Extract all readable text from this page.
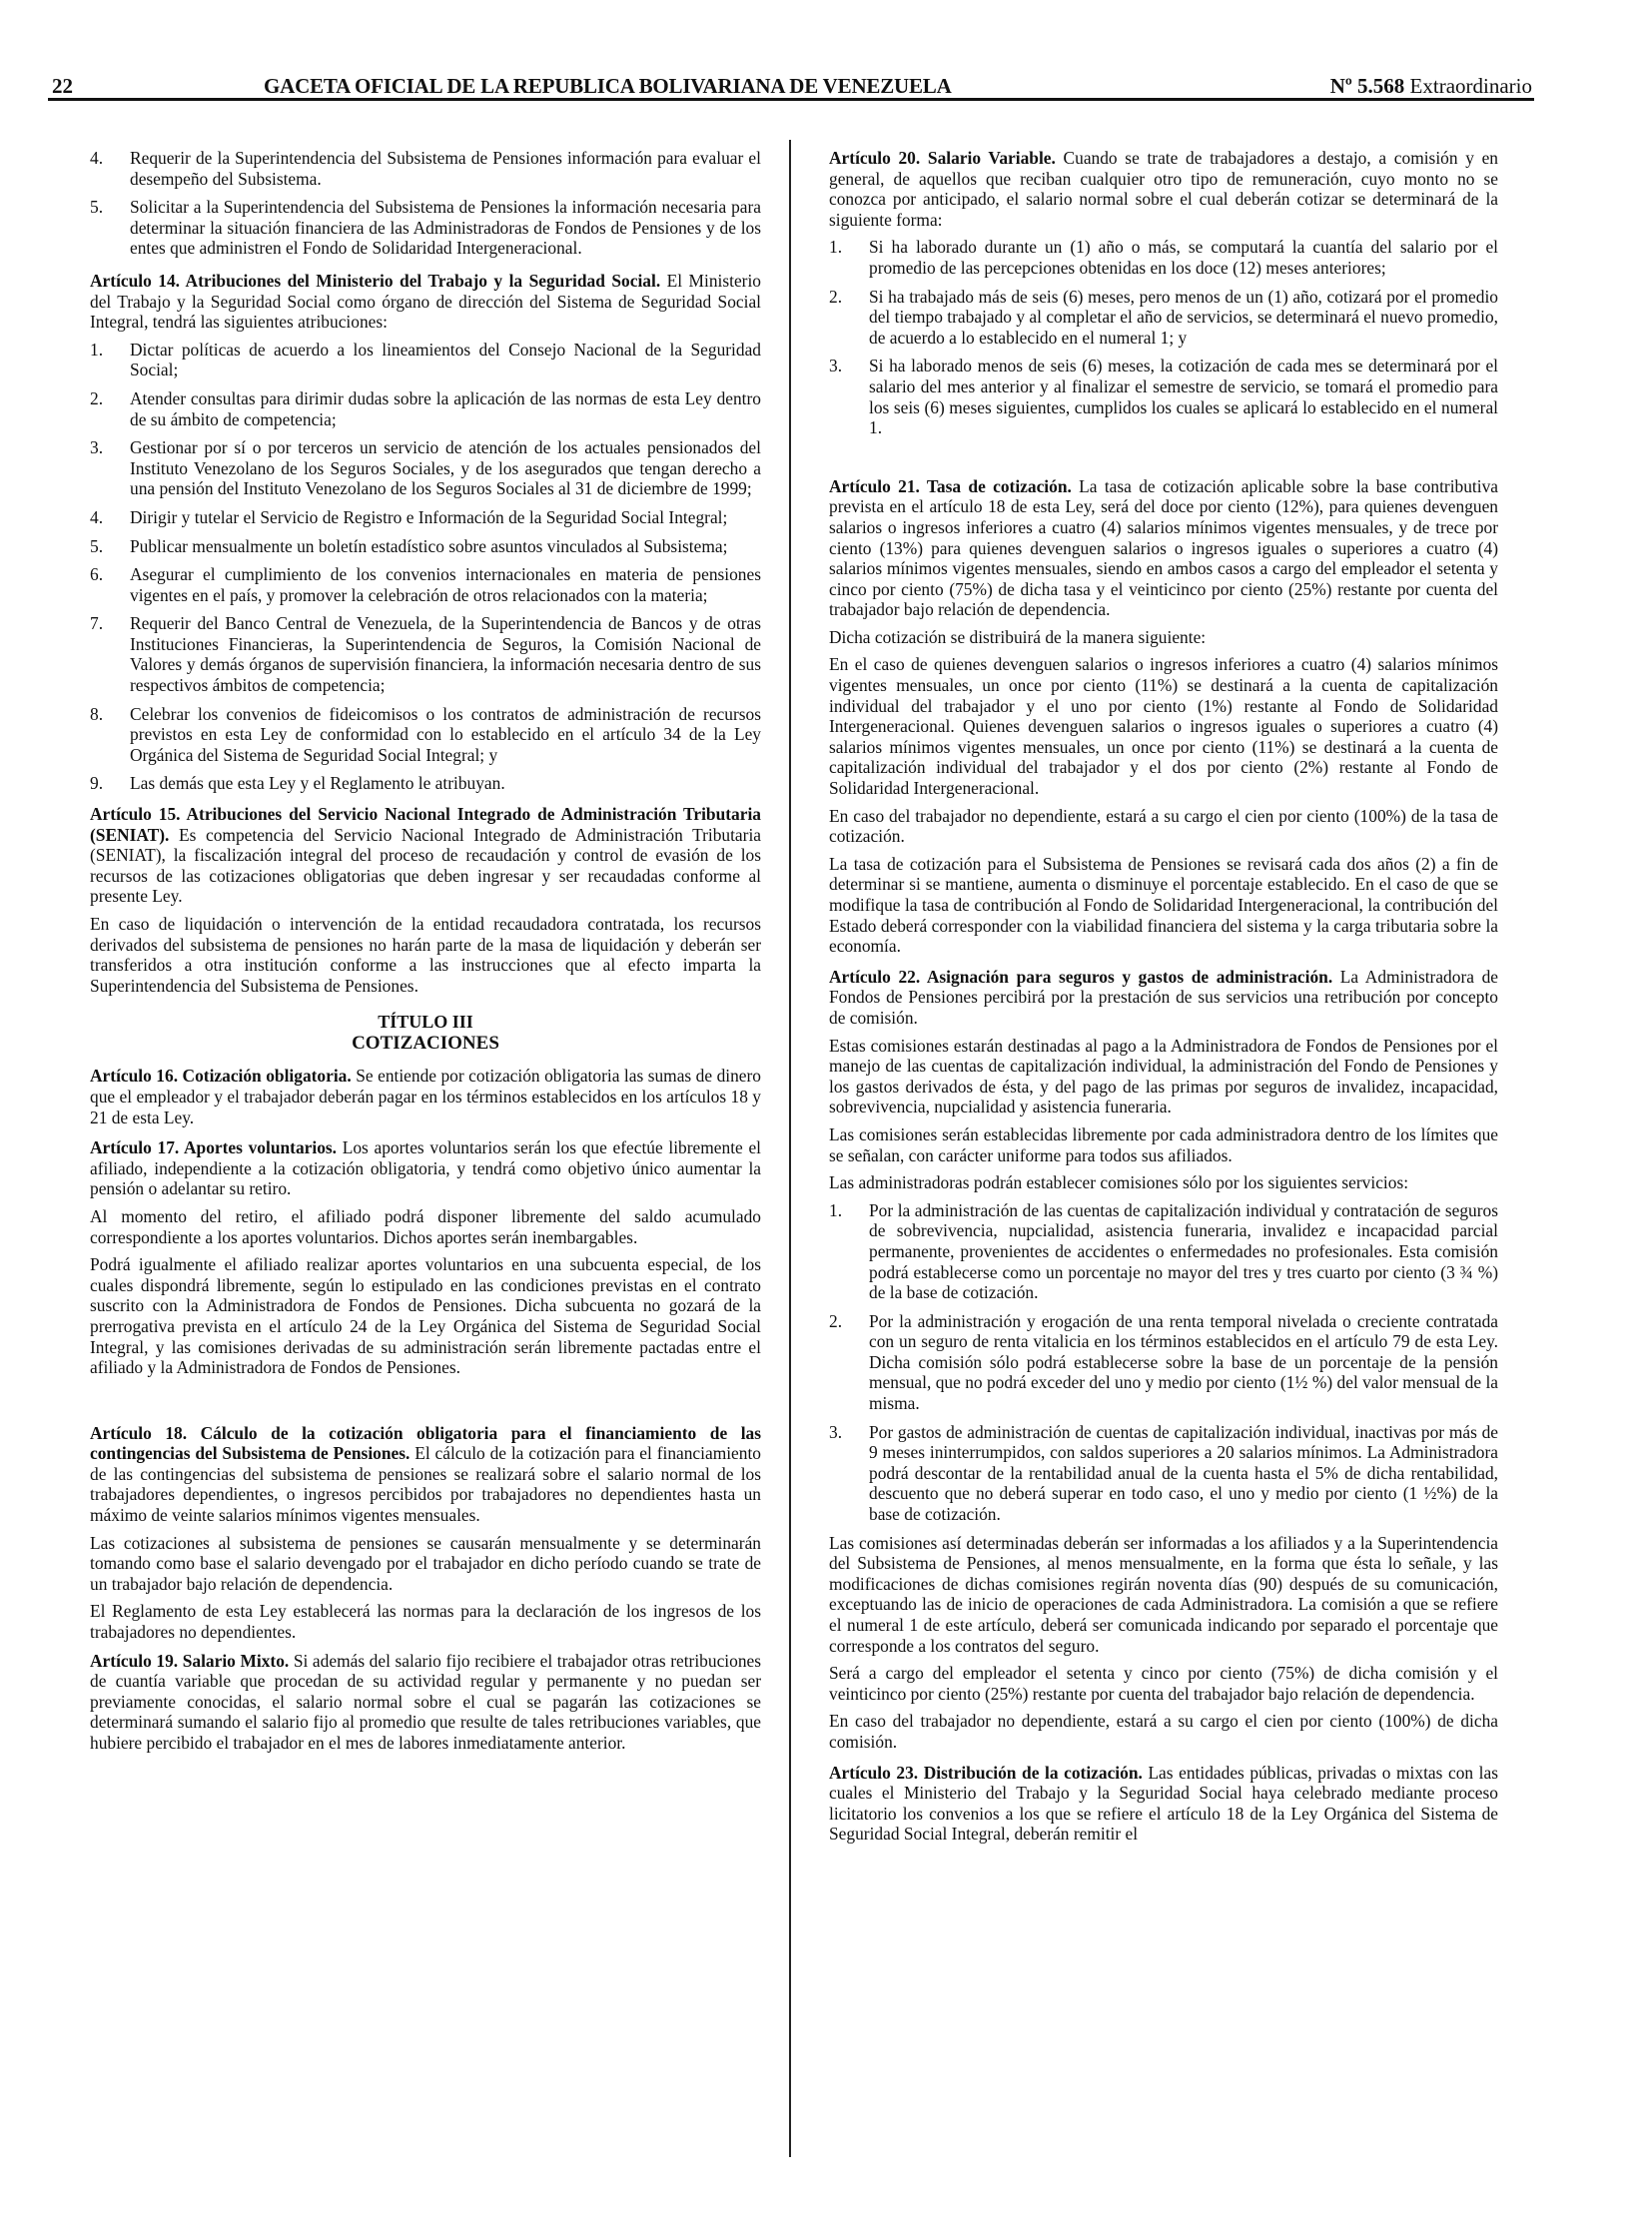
22	GACETA OFICIAL DE LA REPUBLICA BOLIVARIANA DE VENEZUELA	Nº 5.568 Extraordinario
4. Requerir de la Superintendencia del Subsistema de Pensiones información para evaluar el desempeño del Subsistema.
5. Solicitar a la Superintendencia del Subsistema de Pensiones la información necesaria para determinar la situación financiera de las Administradoras de Fondos de Pensiones y de los entes que administren el Fondo de Solidaridad Intergeneracional.

Artículo 14. Atribuciones del Ministerio del Trabajo y la Seguridad Social. El Ministerio del Trabajo y la Seguridad Social como órgano de dirección del Sistema de Seguridad Social Integral, tendrá las siguientes atribuciones:

1. Dictar políticas de acuerdo a los lineamientos del Consejo Nacional de la Seguridad Social;
2. Atender consultas para dirimir dudas sobre la aplicación de las normas de esta Ley dentro de su ámbito de competencia;
3. Gestionar por sí o por terceros un servicio de atención de los actuales pensionados del Instituto Venezolano de los Seguros Sociales, y de los asegurados que tengan derecho a una pensión del Instituto Venezolano de los Seguros Sociales al 31 de diciembre de 1999;
4. Dirigir y tutelar el Servicio de Registro e Información de la Seguridad Social Integral;
5. Publicar mensualmente un boletín estadístico sobre asuntos vinculados al Subsistema;
6. Asegurar el cumplimiento de los convenios internacionales en materia de pensiones vigentes en el país, y promover la celebración de otros relacionados con la materia;
7. Requerir del Banco Central de Venezuela, de la Superintendencia de Bancos y de otras Instituciones Financieras, la Superintendencia de Seguros, la Comisión Nacional de Valores y demás órganos de supervisión financiera, la información necesaria dentro de sus respectivos ámbitos de competencia;
8. Celebrar los convenios de fideicomisos o los contratos de administración de recursos previstos en esta Ley de conformidad con lo establecido en el artículo 34 de la Ley Orgánica del Sistema de Seguridad Social Integral; y
9. Las demás que esta Ley y el Reglamento le atribuyan.

Artículo 15. Atribuciones del Servicio Nacional Integrado de Administración Tributaria (SENIAT). Es competencia del Servicio Nacional Integrado de Administración Tributaria (SENIAT), la fiscalización integral del proceso de recaudación y control de evasión de los recursos de las cotizaciones obligatorias que deben ingresar y ser recaudadas conforme al presente Ley.

En caso de liquidación o intervención de la entidad recaudadora contratada, los recursos derivados del subsistema de pensiones no harán parte de la masa de liquidación y deberán ser transferidos a otra institución conforme a las instrucciones que al efecto imparta la Superintendencia del Subsistema de Pensiones.

TÍTULO III
COTIZACIONES

Artículo 16. Cotización obligatoria. Se entiende por cotización obligatoria las sumas de dinero que el empleador y el trabajador deberán pagar en los términos establecidos en los artículos 18 y 21 de esta Ley.

Artículo 17. Aportes voluntarios. Los aportes voluntarios serán los que efectúe libremente el afiliado, independiente a la cotización obligatoria, y tendrá como objetivo único aumentar la pensión o adelantar su retiro.

Al momento del retiro, el afiliado podrá disponer libremente del saldo acumulado correspondiente a los aportes voluntarios. Dichos aportes serán inembargables.

Podrá igualmente el afiliado realizar aportes voluntarios en una subcuenta especial, de los cuales dispondrá libremente, según lo estipulado en las condiciones previstas en el contrato suscrito con la Administradora de Fondos de Pensiones. Dicha subcuenta no gozará de la prerrogativa prevista en el artículo 24 de la Ley Orgánica del Sistema de Seguridad Social Integral, y las comisiones derivadas de su administración serán libremente pactadas entre el afiliado y la Administradora de Fondos de Pensiones.

Artículo 18. Cálculo de la cotización obligatoria para el financiamiento de las contingencias del Subsistema de Pensiones. El cálculo de la cotización para el financiamiento de las contingencias del subsistema de pensiones se realizará sobre el salario normal de los trabajadores dependientes, o ingresos percibidos por trabajadores no dependientes hasta un máximo de veinte salarios mínimos vigentes mensuales.

Las cotizaciones al subsistema de pensiones se causarán mensualmente y se determinarán tomando como base el salario devengado por el trabajador en dicho período cuando se trate de un trabajador bajo relación de dependencia.

El Reglamento de esta Ley establecerá las normas para la declaración de los ingresos de los trabajadores no dependientes.

Artículo 19. Salario Mixto. Si además del salario fijo recibiere el trabajador otras retribuciones de cuantía variable que procedan de su actividad regular y permanente y no puedan ser previamente conocidas, el salario normal sobre el cual se pagarán las cotizaciones se determinará sumando el salario fijo al promedio que resulte de tales retribuciones variables, que hubiere percibido el trabajador en el mes de labores inmediatamente anterior.

Artículo 20. Salario Variable. Cuando se trate de trabajadores a destajo, a comisión y en general, de aquellos que reciban cualquier otro tipo de remuneración, cuyo monto no se conozca por anticipado, el salario normal sobre el cual deberán cotizar se determinará de la siguiente forma:

1. Si ha laborado durante un (1) año o más, se computará la cuantía del salario por el promedio de las percepciones obtenidas en los doce (12) meses anteriores;
2. Si ha trabajado más de seis (6) meses, pero menos de un (1) año, cotizará por el promedio del tiempo trabajado y al completar el año de servicios, se determinará el nuevo promedio, de acuerdo a lo establecido en el numeral 1; y
3. Si ha laborado menos de seis (6) meses, la cotización de cada mes se determinará por el salario del mes anterior y al finalizar el semestre de servicio, se tomará el promedio para los seis (6) meses siguientes, cumplidos los cuales se aplicará lo establecido en el numeral 1.

Artículo 21. Tasa de cotización. La tasa de cotización aplicable sobre la base contributiva prevista en el artículo 18 de esta Ley, será del doce por ciento (12%), para quienes devenguen salarios o ingresos inferiores a cuatro (4) salarios mínimos vigentes mensuales, y de trece por ciento (13%) para quienes devenguen salarios o ingresos iguales o superiores a cuatro (4) salarios mínimos vigentes mensuales, siendo en ambos casos a cargo del empleador el setenta y cinco por ciento (75%) de dicha tasa y el veinticinco por ciento (25%) restante por cuenta del trabajador bajo relación de dependencia.

Dicha cotización se distribuirá de la manera siguiente:

En el caso de quienes devenguen salarios o ingresos inferiores a cuatro (4) salarios mínimos vigentes mensuales, un once por ciento (11%) se destinará a la cuenta de capitalización individual del trabajador y el uno por ciento (1%) restante al Fondo de Solidaridad Intergeneracional. Quienes devenguen salarios o ingresos iguales o superiores a cuatro (4) salarios mínimos vigentes mensuales, un once por ciento (11%) se destinará a la cuenta de capitalización individual del trabajador y el dos por ciento (2%) restante al Fondo de Solidaridad Intergeneracional.

En caso del trabajador no dependiente, estará a su cargo el cien por ciento (100%) de la tasa de cotización.

La tasa de cotización para el Subsistema de Pensiones se revisará cada dos años (2) a fin de determinar si se mantiene, aumenta o disminuye el porcentaje establecido. En el caso de que se modifique la tasa de contribución al Fondo de Solidaridad Intergeneracional, la contribución del Estado deberá corresponder con la viabilidad financiera del sistema y la carga tributaria sobre la economía.

Artículo 22. Asignación para seguros y gastos de administración. La Administradora de Fondos de Pensiones percibirá por la prestación de sus servicios una retribución por concepto de comisión.

Estas comisiones estarán destinadas al pago a la Administradora de Fondos de Pensiones por el manejo de las cuentas de capitalización individual, la administración del Fondo de Pensiones y los gastos derivados de ésta, y del pago de las primas por seguros de invalidez, incapacidad, sobrevivencia, nupcialidad y asistencia funeraria.

Las comisiones serán establecidas libremente por cada administradora dentro de los límites que se señalan, con carácter uniforme para todos sus afiliados.

Las administradoras podrán establecer comisiones sólo por los siguientes servicios:

1. Por la administración de las cuentas de capitalización individual y contratación de seguros de sobrevivencia, nupcialidad, asistencia funeraria, invalidez e incapacidad parcial permanente, provenientes de accidentes o enfermedades no profesionales. Esta comisión podrá establecerse como un porcentaje no mayor del tres y tres cuarto por ciento (3 ¾ %) de la base de cotización.
2. Por la administración y erogación de una renta temporal nivelada o creciente contratada con un seguro de renta vitalicia en los términos establecidos en el artículo 79 de esta Ley. Dicha comisión sólo podrá establecerse sobre la base de un porcentaje de la pensión mensual, que no podrá exceder del uno y medio por ciento (1½ %) del valor mensual de la misma.
3. Por gastos de administración de cuentas de capitalización individual, inactivas por más de 9 meses ininterrumpidos, con saldos superiores a 20 salarios mínimos. La Administradora podrá descontar de la rentabilidad anual de la cuenta hasta el 5% de dicha rentabilidad, descuento que no deberá superar en todo caso, el uno y medio por ciento (1 ½%) de la base de cotización.

Las comisiones así determinadas deberán ser informadas a los afiliados y a la Superintendencia del Subsistema de Pensiones, al menos mensualmente, en la forma que ésta lo señale, y las modificaciones de dichas comisiones regirán noventa días (90) después de su comunicación, exceptuando las de inicio de operaciones de cada Administradora. La comisión a que se refiere el numeral 1 de este artículo, deberá ser comunicada indicando por separado el porcentaje que corresponde a los contratos del seguro.

Será a cargo del empleador el setenta y cinco por ciento (75%) de dicha comisión y el veinticinco por ciento (25%) restante por cuenta del trabajador bajo relación de dependencia.

En caso del trabajador no dependiente, estará a su cargo el cien por ciento (100%) de dicha comisión.

Artículo 23. Distribución de la cotización. Las entidades públicas, privadas o mixtas con las cuales el Ministerio del Trabajo y la Seguridad Social haya celebrado mediante proceso licitatorio los convenios a los que se refiere el artículo 18 de la Ley Orgánica del Sistema de Seguridad Social Integral, deberán remitir el
